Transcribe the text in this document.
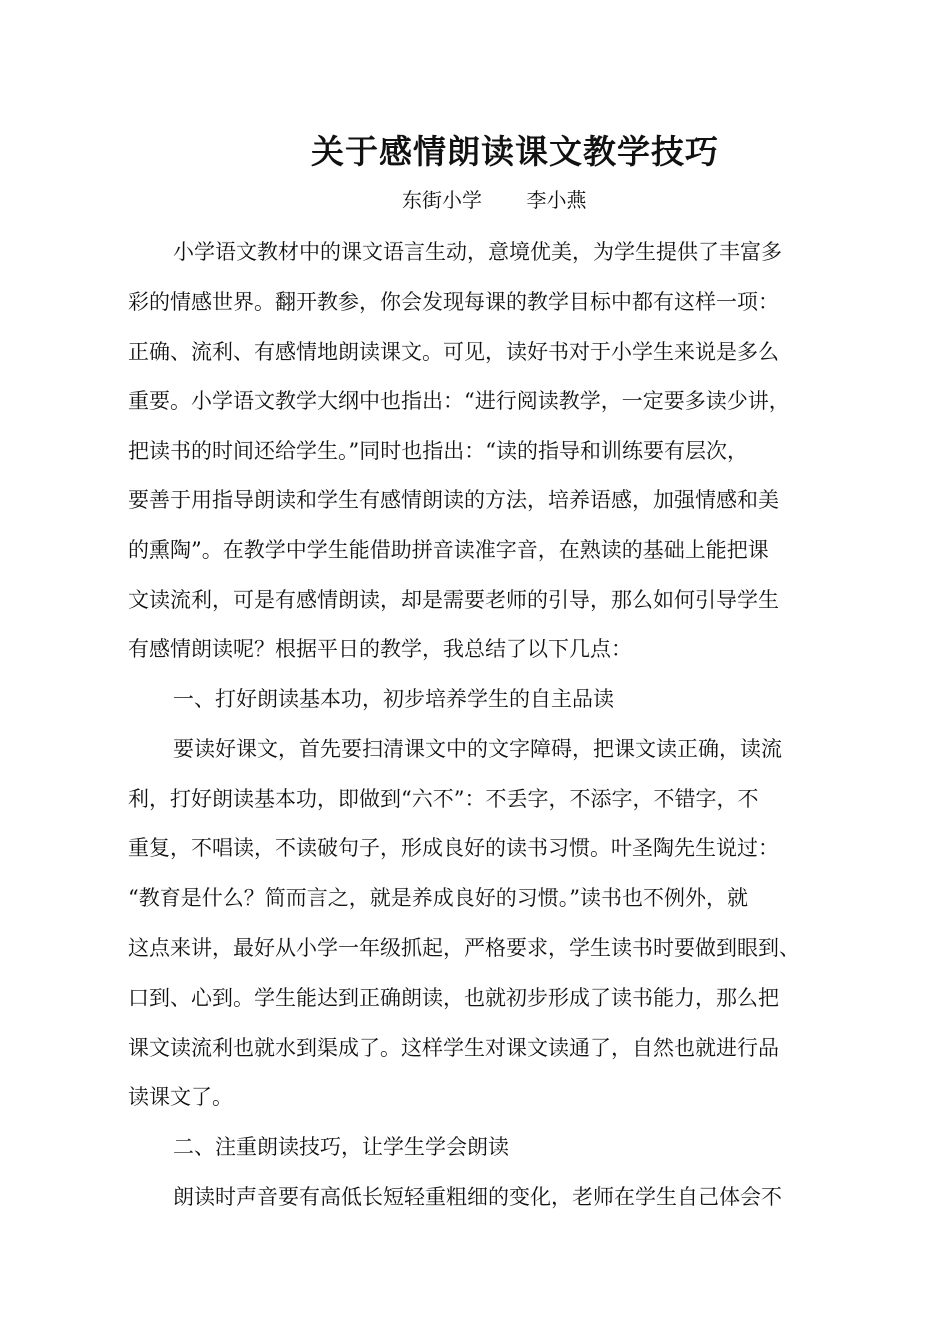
关于感情朗读课文教学技巧
东街小学 李小燕
小学语文教材中的课文语言生动，意境优美，为学生提供了丰富多
彩的情感世界。翻开教参，你会发现每课的教学目标中都有这样一项：
正确、流利、有感情地朗读课文。可见，读好书对于小学生来说是多么
重要。小学语文教学大纲中也指出：“进行阅读教学，一定要多读少讲，
把读书的时间还给学生。”同时也指出：“读的指导和训练要有层次，
要善于用指导朗读和学生有感情朗读的方法，培养语感，加强情感和美
的熏陶”。在教学中学生能借助拼音读准字音，在熟读的基础上能把课
文读流利，可是有感情朗读，却是需要老师的引导，那么如何引导学生
有感情朗读呢？根据平日的教学，我总结了以下几点：
一、打好朗读基本功，初步培养学生的自主品读
要读好课文，首先要扫清课文中的文字障碍，把课文读正确，读流
利，打好朗读基本功，即做到“六不”：不丢字，不添字，不错字，不
重复，不唱读，不读破句子，形成良好的读书习惯。叶圣陶先生说过：
“教育是什么？简而言之，就是养成良好的习惯。”读书也不例外，就
这点来讲，最好从小学一年级抓起，严格要求，学生读书时要做到眼到、
口到、心到。学生能达到正确朗读，也就初步形成了读书能力，那么把
课文读流利也就水到渠成了。这样学生对课文读通了，自然也就进行品
读课文了。
二、注重朗读技巧，让学生学会朗读
朗读时声音要有高低长短轻重粗细的变化，老师在学生自己体会不
